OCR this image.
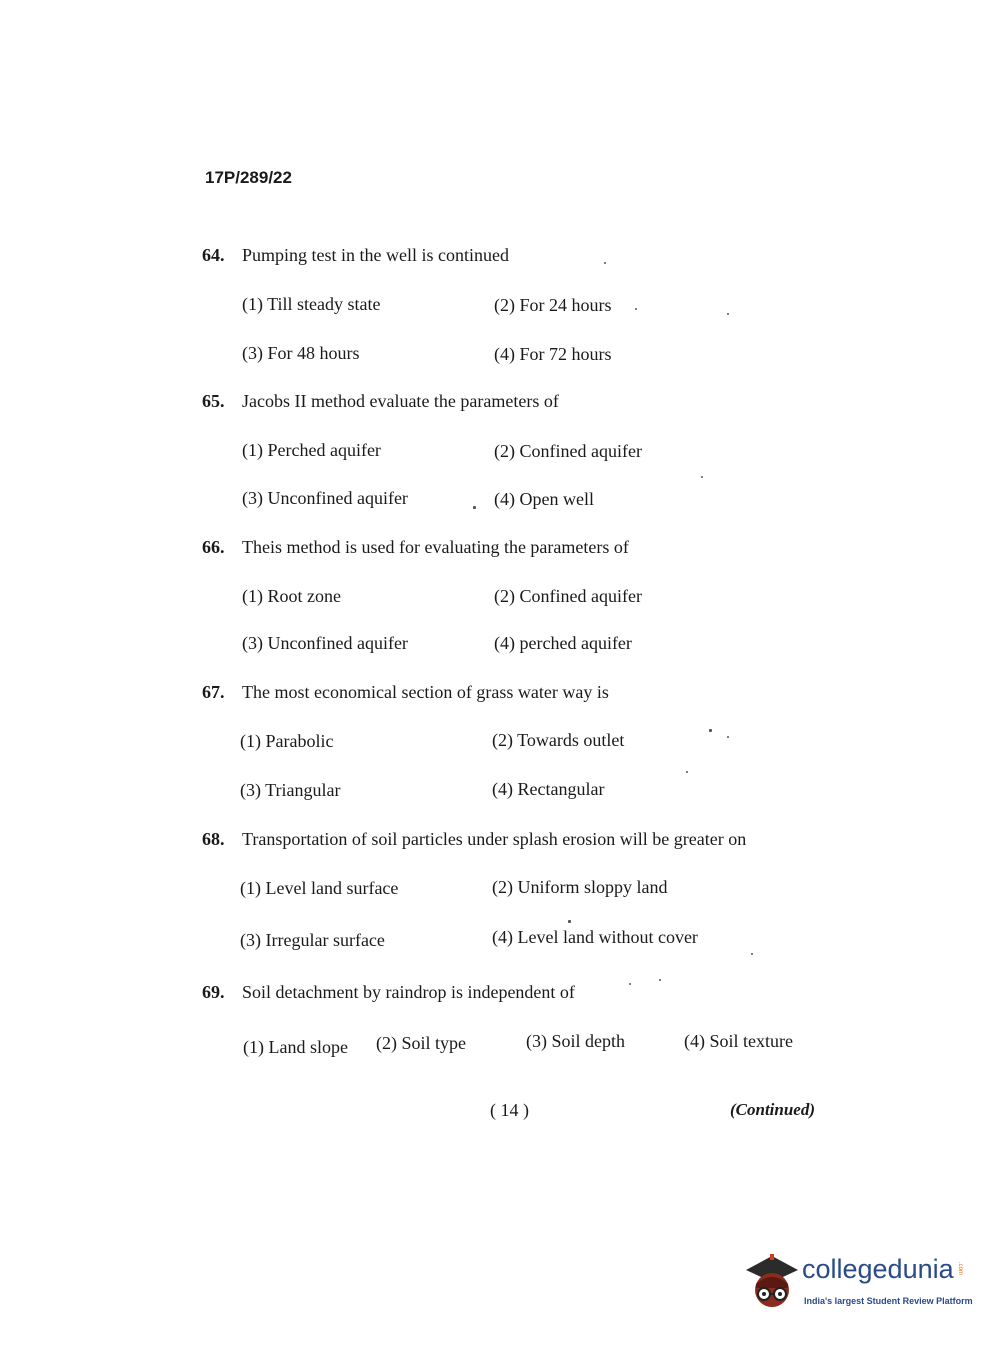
17P/289/22
64. Pumping test in the well is continued
(1) Till steady state	(2) For 24 hours
(3) For 48 hours	(4) For 72 hours
65. Jacobs II method evaluate the parameters of
(1) Perched aquifer	(2) Confined aquifer
(3) Unconfined aquifer	(4) Open well
66. Theis method is used for evaluating the parameters of
(1) Root zone	(2) Confined aquifer
(3) Unconfined aquifer	(4) perched aquifer
67. The most economical section of grass water way is
(1) Parabolic	(2) Towards outlet
(3) Triangular	(4) Rectangular
68. Transportation of soil particles under splash erosion will be greater on
(1) Level land surface	(2) Uniform sloppy land
(3) Irregular surface	(4) Level land without cover
69. Soil detachment by raindrop is independent of
(1) Land slope (2) Soil type	(3) Soil depth	(4) Soil texture
( 14 )	(Continued)
collegedunia .com
India's largest Student Review Platform
